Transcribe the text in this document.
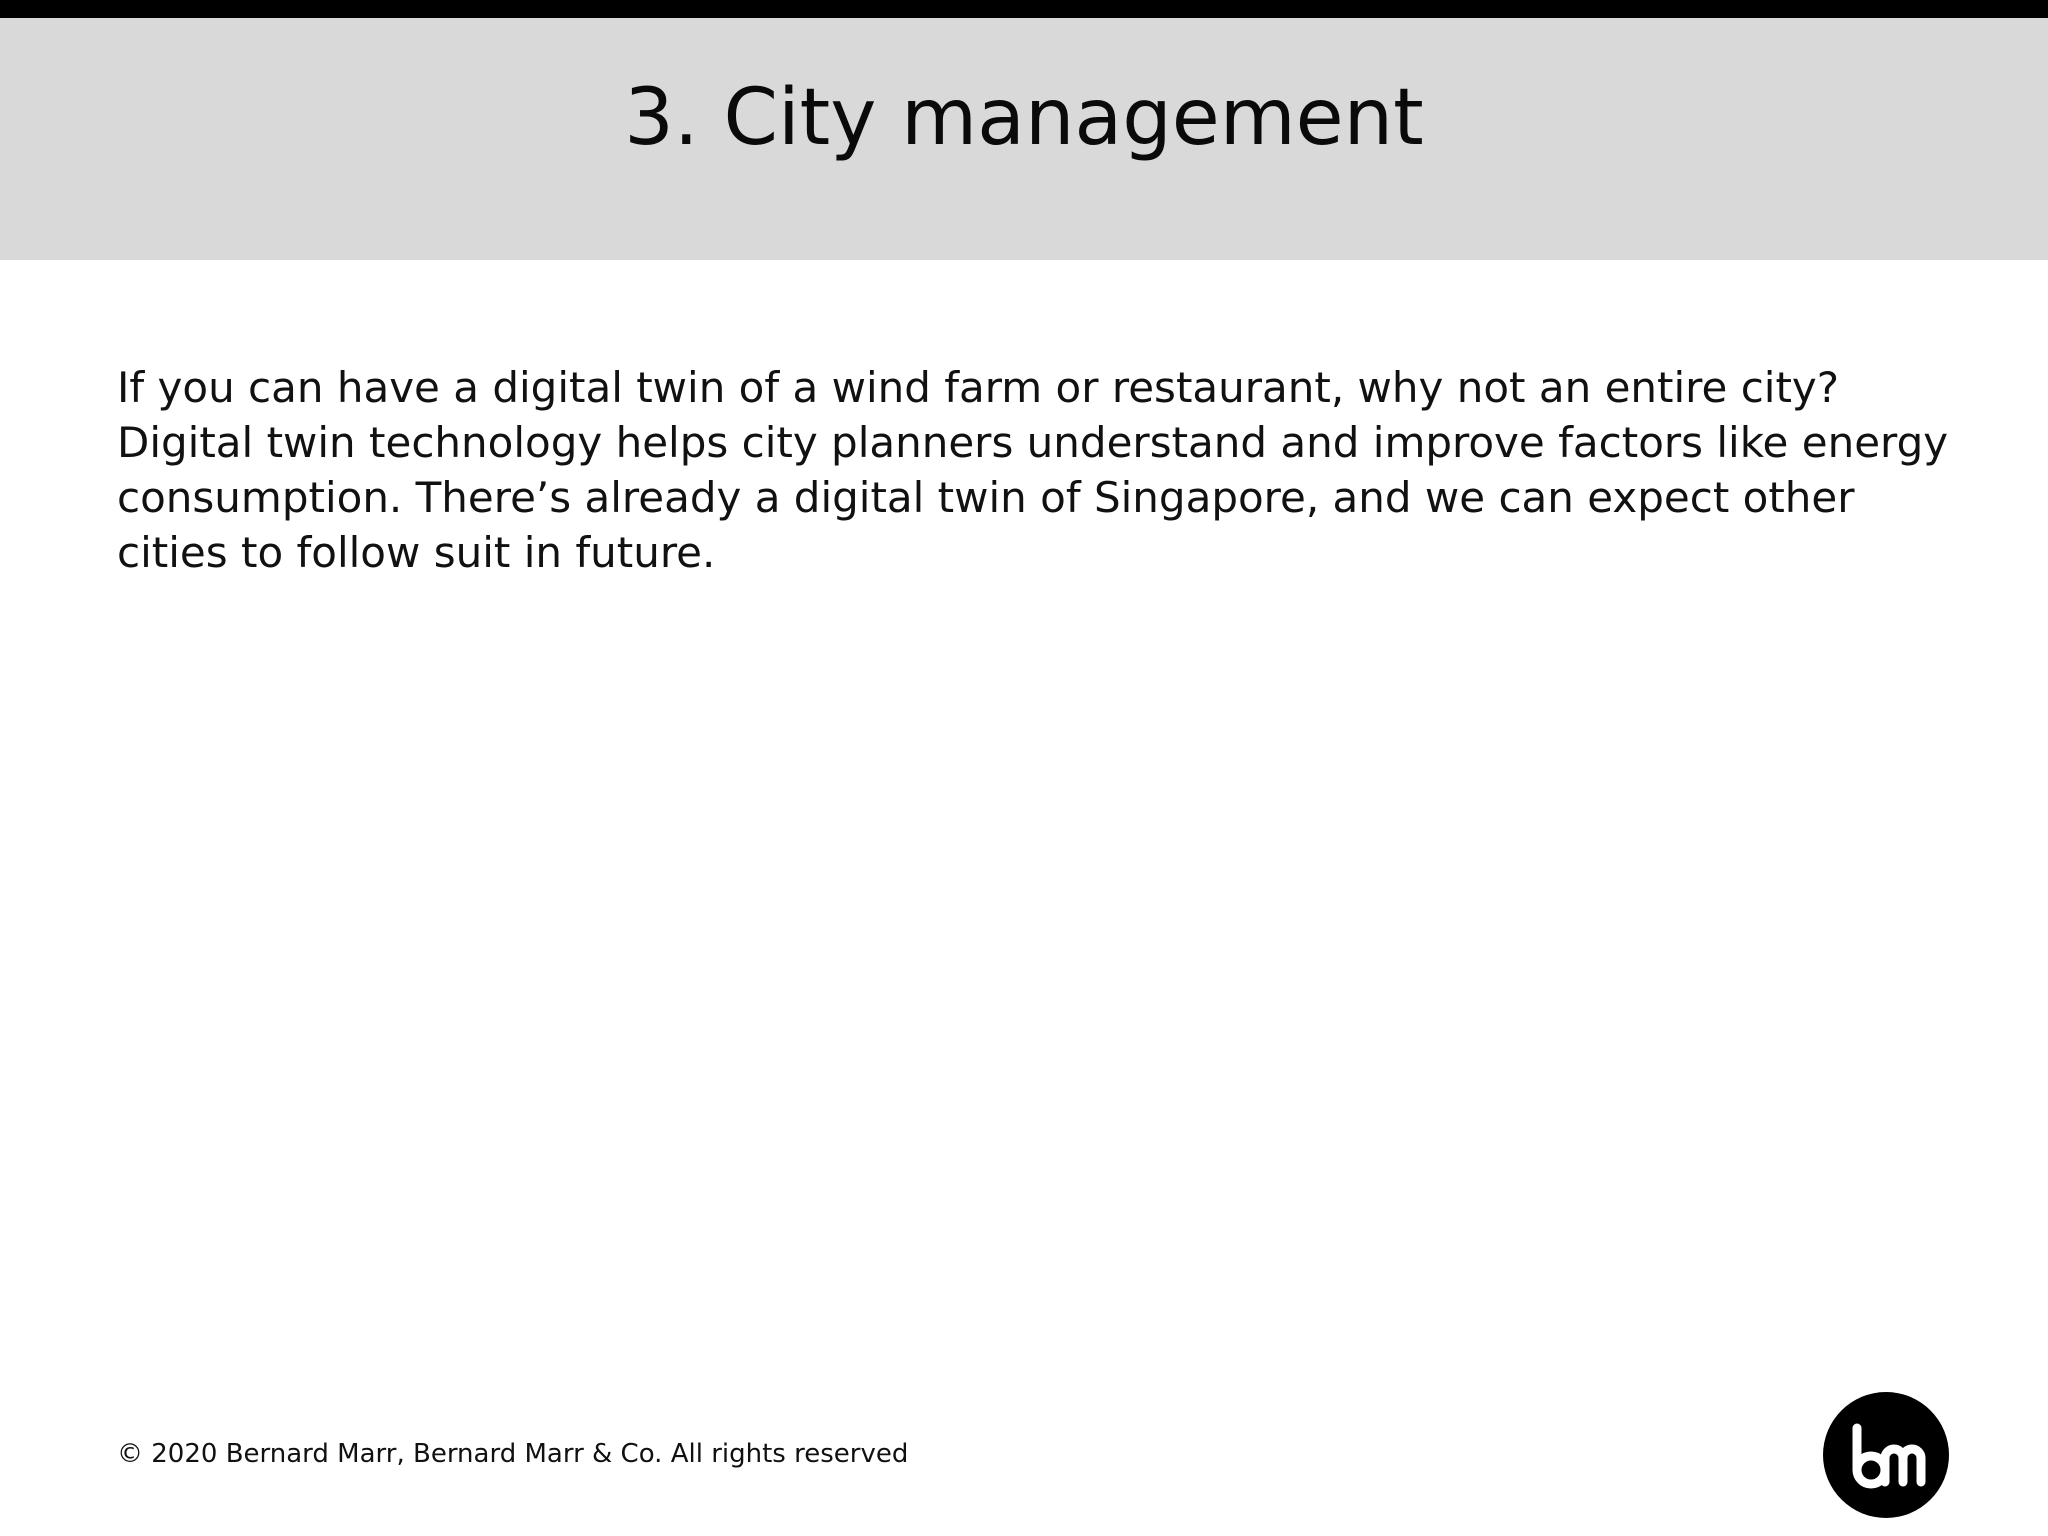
3. City management

If you can have a digital twin of a wind farm or restaurant, why not an entire city? Digital twin technology helps city planners understand and improve factors like energy consumption. There’s already a digital twin of Singapore, and we can expect other cities to follow suit in future.

© 2020 Bernard Marr, Bernard Marr & Co. All rights reserved
